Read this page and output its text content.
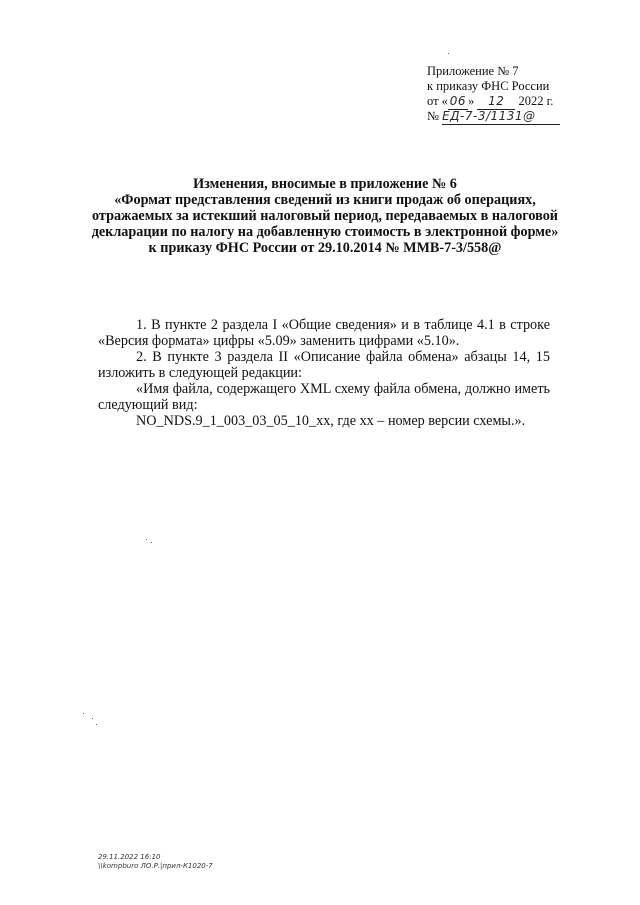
Приложение № 7
к приказу ФНС России
от « 06 » 12 2022 г.
№ ЕД-7-3/1131@
Изменения, вносимые в приложение № 6
«Формат представления сведений из книги продаж об операциях,
отражаемых за истекший налоговый период, передаваемых в налоговой
декларации по налогу на добавленную стоимость в электронной форме»
к приказу ФНС России от 29.10.2014 № ММВ-7-3/558@

1. В пункте 2 раздела I «Общие сведения» и в таблице 4.1 в строке

«Версия формата» цифры «5.09» заменить цифрами «5.10».

2. В пункте 3 раздела II «Описание файла обмена» абзацы 14, 15

изложить в следующей редакции:

«Имя файла, содержащего XML схему файла обмена, должно иметь

следующий вид:

NO_NDS.9_1_003_03_05_10_xx, где xx – номер версии схемы.».

29.11.2022 16:10
\\kompburo ЛО.Р.|прил-К1020-7
